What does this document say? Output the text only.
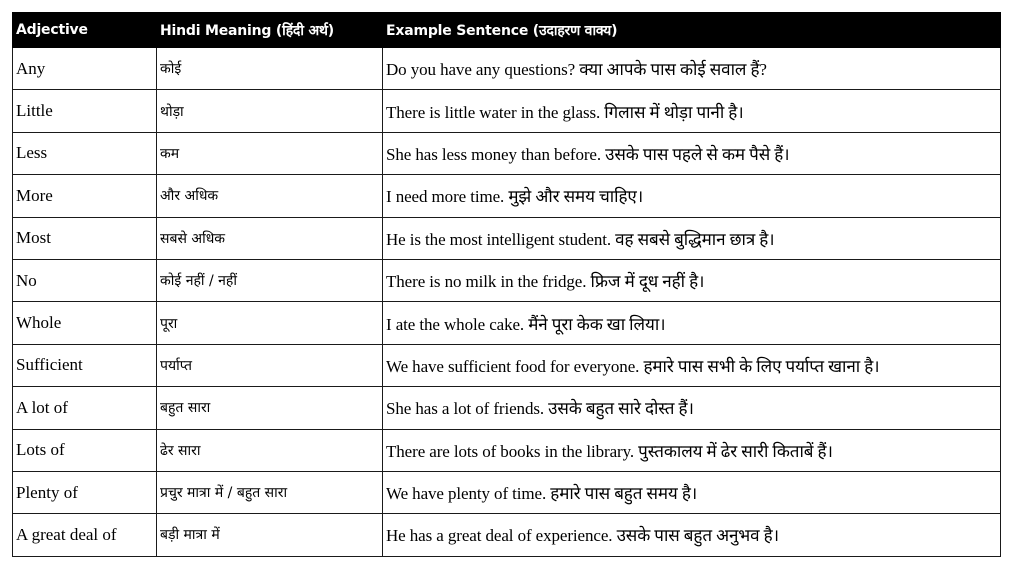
Adjective	Hindi Meaning (हिंदी अर्थ)	Example Sentence (उदाहरण वाक्य)
Any	कोई	Do you have any questions? क्या आपके पास कोई सवाल हैं?
Little	थोड़ा	There is little water in the glass. गिलास में थोड़ा पानी है।
Less	कम	She has less money than before. उसके पास पहले से कम पैसे हैं।
More	और अधिक	I need more time. मुझे और समय चाहिए।
Most	सबसे अधिक	He is the most intelligent student. वह सबसे बुद्धिमान छात्र है।
No	कोई नहीं / नहीं	There is no milk in the fridge. फ्रिज में दूध नहीं है।
Whole	पूरा	I ate the whole cake. मैंने पूरा केक खा लिया।
Sufficient	पर्याप्त	We have sufficient food for everyone. हमारे पास सभी के लिए पर्याप्त खाना है।
A lot of	बहुत सारा	She has a lot of friends. उसके बहुत सारे दोस्त हैं।
Lots of	ढेर सारा	There are lots of books in the library. पुस्तकालय में ढेर सारी किताबें हैं।
Plenty of	प्रचुर मात्रा में / बहुत सारा	We have plenty of time. हमारे पास बहुत समय है।
A great deal of	बड़ी मात्रा में	He has a great deal of experience. उसके पास बहुत अनुभव है।
